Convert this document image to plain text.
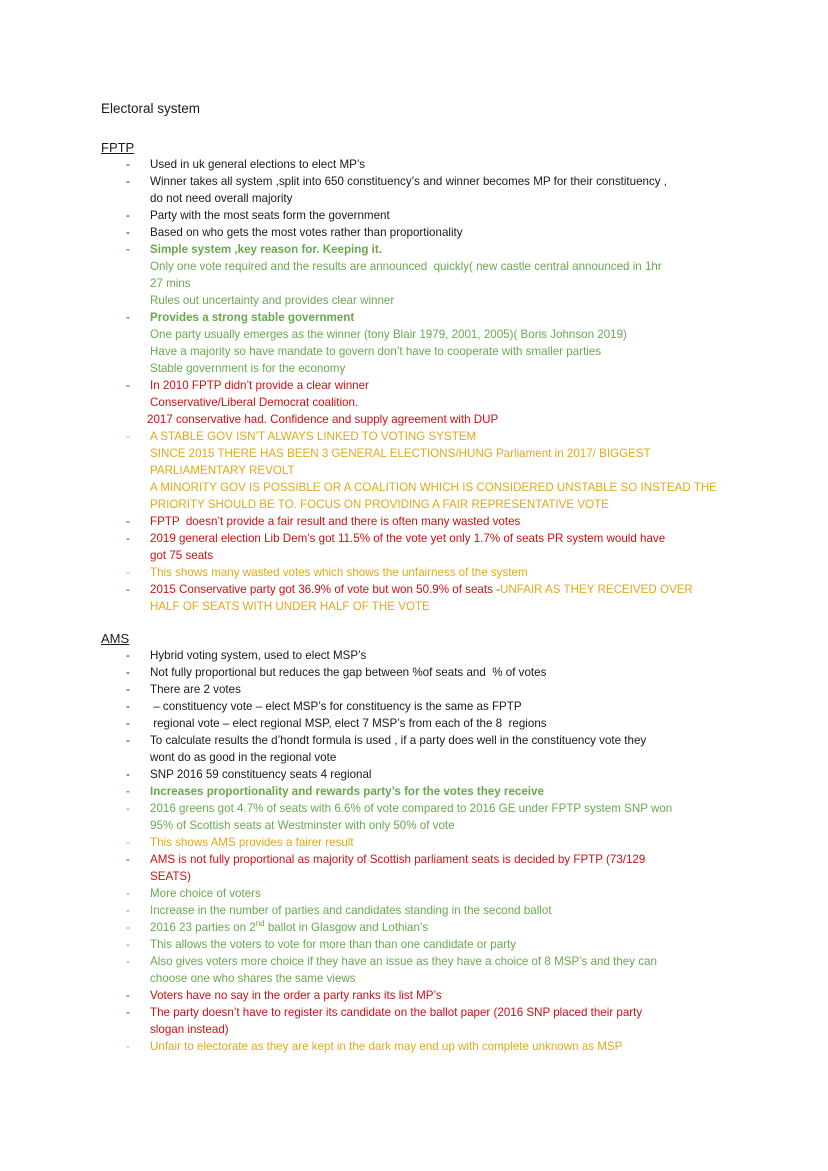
Electoral system
FPTP
-	Used in uk general elections to elect MP’s
-	Winner takes all system ,split into 650 constituency’s and winner becomes MP for their constituency ,
do not need overall majority
-	Party with the most seats form the government
-	Based on who gets the most votes rather than proportionality
-	Simple system ,key reason for. Keeping it.
Only one vote required and the results are announced  quickly( new castle central announced in 1hr
27 mins
Rules out uncertainty and provides clear winner
-	Provides a strong stable government
One party usually emerges as the winner (tony Blair 1979, 2001, 2005)( Boris Johnson 2019)
Have a majority so have mandate to govern don’t have to cooperate with smaller parties
Stable government is for the economy
-	In 2010 FPTP didn’t provide a clear winner
Conservative/Liberal Democrat coalition.
2017 conservative had. Confidence and supply agreement with DUP
-	A STABLE GOV ISN’T ALWAYS LINKED TO VOTING SYSTEM
SINCE 2015 THERE HAS BEEN 3 GENERAL ELECTIONS/HUNG Parliament in 2017/ BIGGEST
PARLIAMENTARY REVOLT
A MINORITY GOV IS POSSIBLE OR A COALITION WHICH IS CONSIDERED UNSTABLE SO INSTEAD THE
PRIORITY SHOULD BE TO. FOCUS ON PROVIDING A FAIR REPRESENTATIVE VOTE
-	FPTP  doesn’t provide a fair result and there is often many wasted votes
-	2019 general election Lib Dem’s got 11.5% of the vote yet only 1.7% of seats PR system would have
got 75 seats
-	This shows many wasted votes which shows the unfairness of the system
-	2015 Conservative party got 36.9% of vote but won 50.9% of seats -UNFAIR AS THEY RECEIVED OVER
HALF OF SEATS WITH UNDER HALF OF THE VOTE
AMS
-	Hybrid voting system, used to elect MSP’s
-	Not fully proportional but reduces the gap between %of seats and  % of votes
-	There are 2 votes
-	– constituency vote – elect MSP’s for constituency is the same as FPTP
-	regional vote – elect regional MSP, elect 7 MSP’s from each of the 8  regions
-	To calculate results the d’hondt formula is used , if a party does well in the constituency vote they
wont do as good in the regional vote
-	SNP 2016 59 constituency seats 4 regional
-	Increases proportionality and rewards party’s for the votes they receive
-	2016 greens got 4.7% of seats with 6.6% of vote compared to 2016 GE under FPTP system SNP won
95% of Scottish seats at Westminster with only 50% of vote
-	This shows AMS provides a fairer result
-	AMS is not fully proportional as majority of Scottish parliament seats is decided by FPTP (73/129
SEATS)
-	More choice of voters
-	Increase in the number of parties and candidates standing in the second ballot
-	2016 23 parties on 2nd ballot in Glasgow and Lothian’s
-	This allows the voters to vote for more than than one candidate or party
-	Also gives voters more choice if they have an issue as they have a choice of 8 MSP’s and they can
choose one who shares the same views
-	Voters have no say in the order a party ranks its list MP’s
-	The party doesn’t have to register its candidate on the ballot paper (2016 SNP placed their party
slogan instead)
-	Unfair to electorate as they are kept in the dark may end up with complete unknown as MSP
